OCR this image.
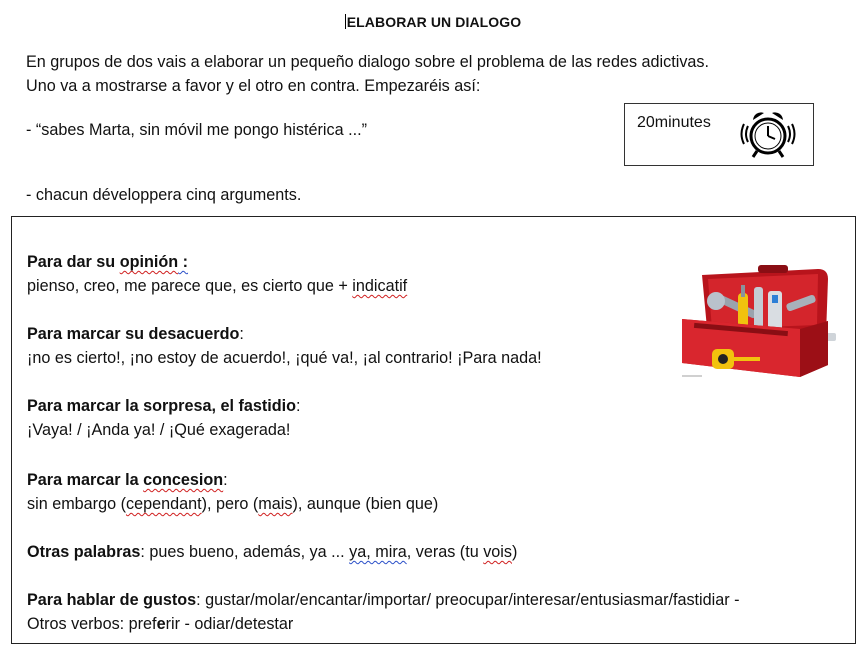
ELABORAR UN DIALOGO
En grupos de dos vais a elaborar un pequeño dialogo sobre el problema de las redes adictivas.
Uno va a mostrarse a favor y el otro en contra. Empezaréis así:
- “sabes Marta, sin móvil me pongo histérica ...”
- chacun développera cinq arguments.
20minutes
Para dar su opinión :
pienso, creo, me parece que, es cierto que + indicatif
Para marcar su desacuerdo:
¡no es cierto!, ¡no estoy de acuerdo!, ¡qué va!, ¡al contrario! ¡Para nada!
Para marcar la sorpresa, el fastidio:
¡Vaya! / ¡Anda ya! / ¡Qué exagerada!
Para marcar la concesion:
sin embargo (cependant), pero (mais), aunque (bien que)
Otras palabras: pues bueno, además, ya ... ya, mira, veras (tu vois)
Para hablar de gustos: gustar/molar/encantar/importar/ preocupar/interesar/entusiasmar/fastidiar -
Otros verbos: preferir - odiar/detestar
